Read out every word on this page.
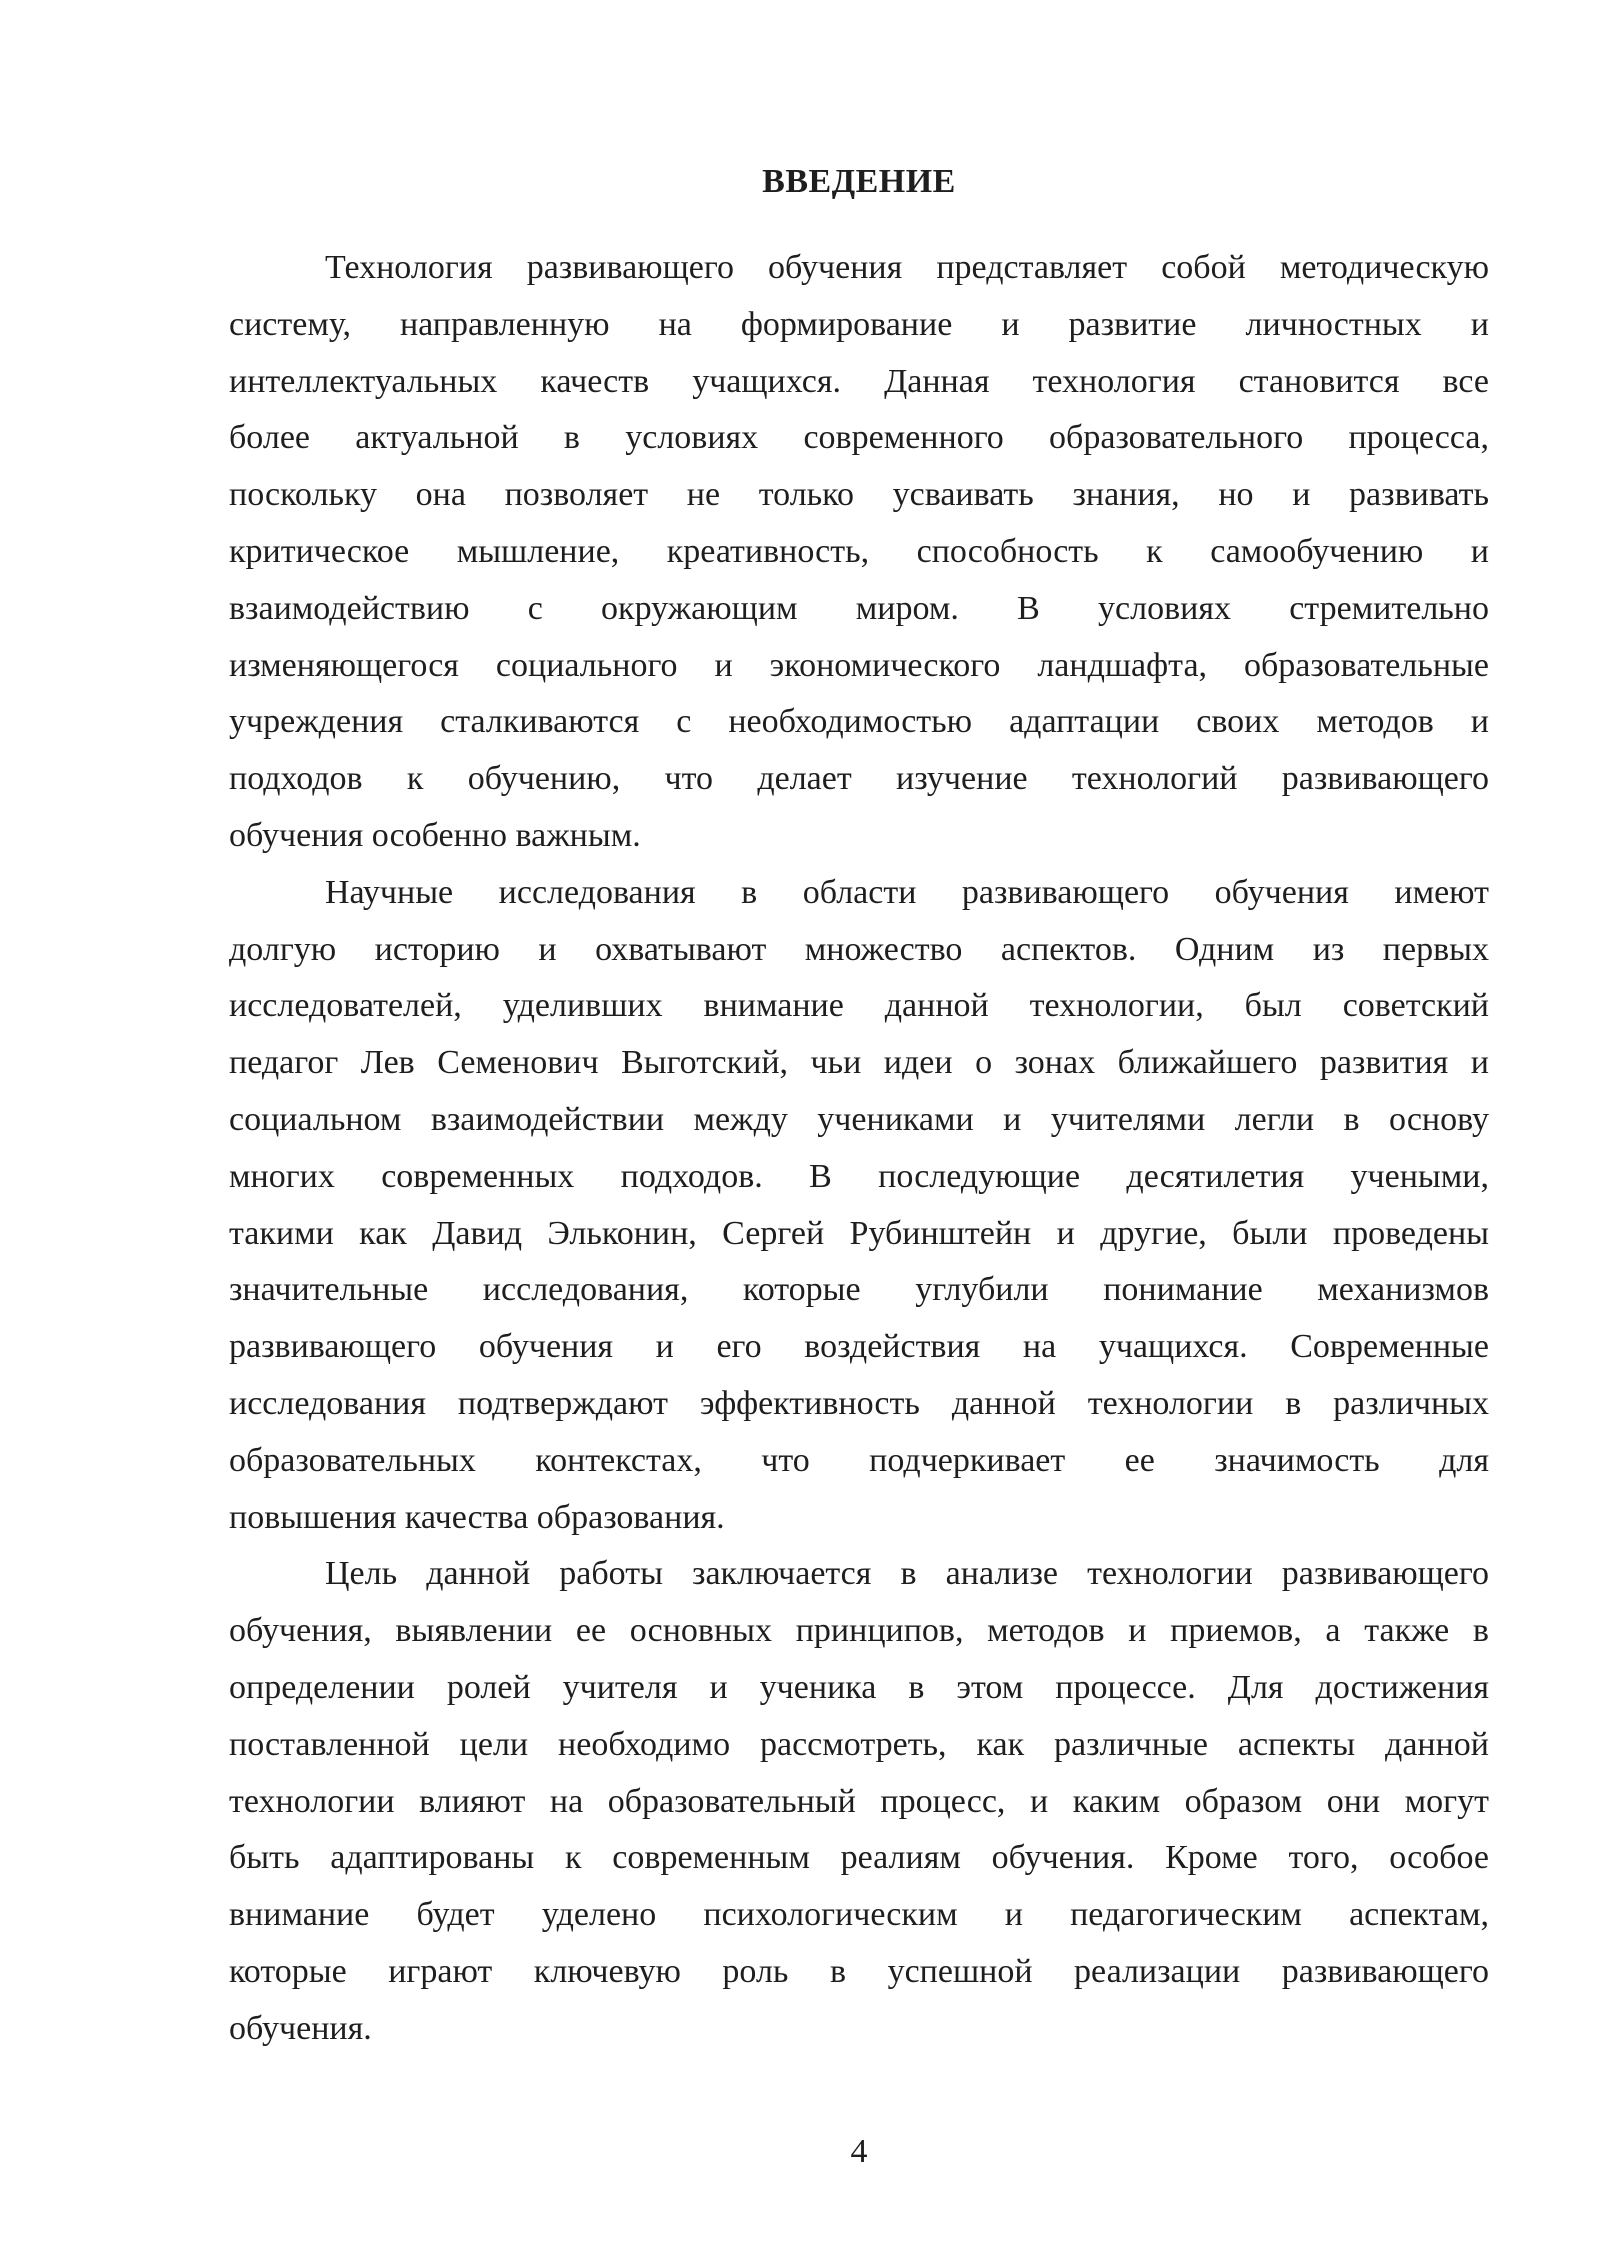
ВВЕДЕНИЕ

Технология развивающего обучения представляет собой методическую
систему, направленную на формирование и развитие личностных и
интеллектуальных качеств учащихся. Данная технология становится все
более актуальной в условиях современного образовательного процесса,
поскольку она позволяет не только усваивать знания, но и развивать
критическое мышление, креативность, способность к самообучению и
взаимодействию с окружающим миром. В условиях стремительно
изменяющегося социального и экономического ландшафта, образовательные
учреждения сталкиваются с необходимостью адаптации своих методов и
подходов к обучению, что делает изучение технологий развивающего
обучения особенно важным.

Научные исследования в области развивающего обучения имеют
долгую историю и охватывают множество аспектов. Одним из первых
исследователей, уделивших внимание данной технологии, был советский
педагог Лев Семенович Выготский, чьи идеи о зонах ближайшего развития и
социальном взаимодействии между учениками и учителями легли в основу
многих современных подходов. В последующие десятилетия учеными,
такими как Давид Эльконин, Сергей Рубинштейн и другие, были проведены
значительные исследования, которые углубили понимание механизмов
развивающего обучения и его воздействия на учащихся. Современные
исследования подтверждают эффективность данной технологии в различных
образовательных контекстах, что подчеркивает ее значимость для
повышения качества образования.

Цель данной работы заключается в анализе технологии развивающего
обучения, выявлении ее основных принципов, методов и приемов, а также в
определении ролей учителя и ученика в этом процессе. Для достижения
поставленной цели необходимо рассмотреть, как различные аспекты данной
технологии влияют на образовательный процесс, и каким образом они могут
быть адаптированы к современным реалиям обучения. Кроме того, особое
внимание будет уделено психологическим и педагогическим аспектам,
которые играют ключевую роль в успешной реализации развивающего
обучения.

4
